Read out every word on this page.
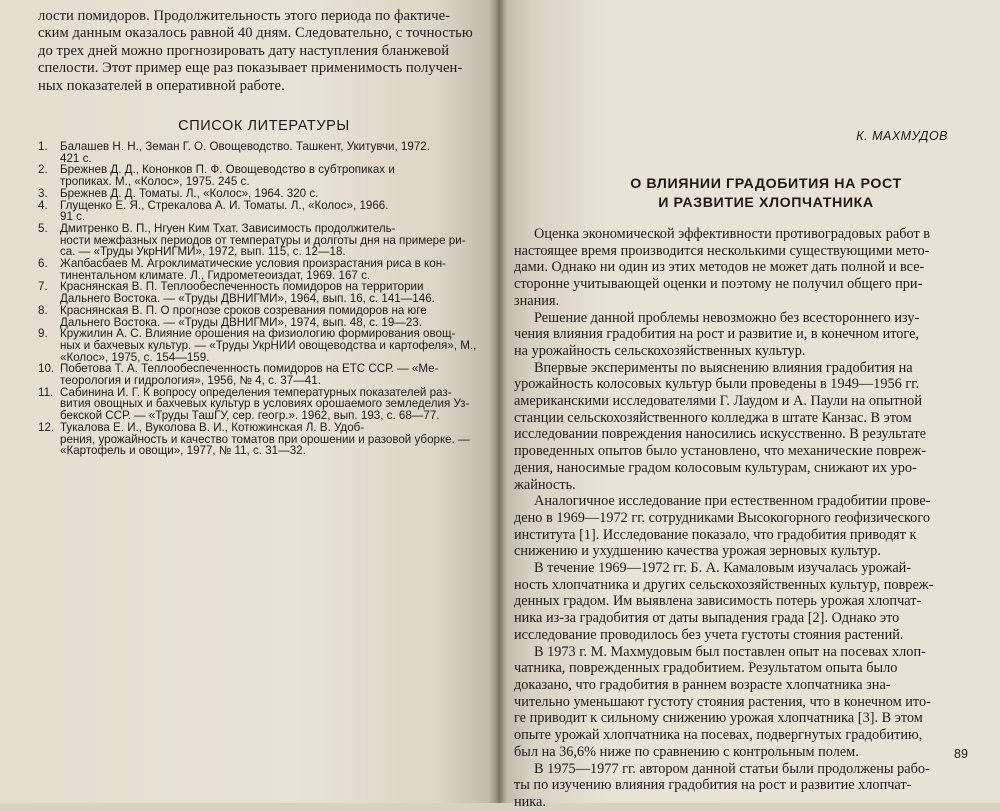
лости помидоров. Продолжительность этого периода по фактиче-
ским данным оказалось равной 40 дням. Следовательно, с точностью
до трех дней можно прогнозировать дату наступления бланжевой
спелости. Этот пример еще раз показывает применимость получен-
ных показателей в оперативной работе.
СПИСОК ЛИТЕРАТУРЫ
1.	Балашев Н. Н., Земан Г. О. Овощеводство. Ташкент, Укитувчи, 1972.
421 с.
2.	Брежнев Д. Д., Кононков П. Ф. Овощеводство в субтропиках и
тропиках. М., «Колос», 1975. 245 с.
3.	Брежнев Д. Д. Томаты. Л., «Колос», 1964. 320 с.
4.	Глущенко Е. Я., Стрекалова А. И. Томаты. Л., «Колос», 1966.
91 с.
5.	Дмитренко В. П., Нгуен Ким Тхат. Зависимость продолжитель-
ности межфазных периодов от температуры и долготы дня на примере ри-
са. — «Труды УкрНИГМИ», 1972, вып. 115, с. 12—18.
6.	Жапбасбаев М. Агроклиматические условия произрастания риса в кон-
тинентальном климате. Л., Гидрометеоиздат, 1969. 167 с.
7.	Краснянская В. П. Теплообеспеченность помидоров на территории
Дальнего Востока. — «Труды ДВНИГМИ», 1964, вып. 16, с. 141—146.
8.	Краснянская В. П. О прогнозе сроков созревания помидоров на юге
Дальнего Востока. — «Труды ДВНИГМИ», 1974, вып. 48, с. 19—23.
9.	Кружилин А. С. Влияние орошения на физиологию формирования овощ-
ных и бахчевых культур. — «Труды УкрНИИ овощеводства и картофеля», М.,
«Колос», 1975, с. 154—159.
10. Побетова Т. А. Теплообеспеченность помидоров на ЕТС ССР. — «Ме-
теорология и гидрология», 1956, № 4, с. 37—41.
11. Сабинина И. Г. К вопросу определения температурных показателей раз-
вития овощных и бахчевых культур в условиях орошаемого земледелия Уз-
бекской ССР. — «Труды ТашГУ, сер. геогр.». 1962, вып. 193, с. 68—77.
12. Тукалова Е. И., Вуколова В. И., Котюжинская Л. В. Удоб-
рения, урожайность и качество томатов при орошении и разовой уборке. —
«Картофель и овощи», 1977, № 11, с. 31—32.
К. МАХМУДОВ
О ВЛИЯНИИ ГРАДОБИТИЯ НА РОСТ
И РАЗВИТИЕ ХЛОПЧАТНИКА
Оценка экономической эффективности противоградовых работ в
настоящее время производится несколькими существующими мето-
дами. Однако ни один из этих методов не может дать полной и все-
сторонне учитывающей оценки и поэтому не получил общего при-
знания.
Решение данной проблемы невозможно без всестороннего изу-
чения влияния градобития на рост и развитие и, в конечном итоге,
на урожайность сельскохозяйственных культур.
Впервые эксперименты по выяснению влияния градобития на
урожайность колосовых культур были проведены в 1949—1956 гг.
американскими исследователями Г. Лаудом и А. Паули на опытной
станции сельскохозяйственного колледжа в штате Канзас. В этом
исследовании повреждения наносились искусственно. В результате
проведенных опытов было установлено, что механические повреж-
дения, наносимые градом колосовым культурам, снижают их уро-
жайность.
Аналогичное исследование при естественном градобитии прове-
дено в 1969—1972 гг. сотрудниками Высокогорного геофизического
института [1]. Исследование показало, что градобития приводят к
снижению и ухудшению качества урожая зерновых культур.
В течение 1969—1972 гг. Б. А. Камаловым изучалась урожай-
ность хлопчатника и других сельскохозяйственных культур, повреж-
денных градом. Им выявлена зависимость потерь урожая хлопчат-
ника из-за градобития от даты выпадения града [2]. Однако это
исследование проводилось без учета густоты стояния растений.
В 1973 г. М. Махмудовым был поставлен опыт на посевах хлоп-
чатника, поврежденных градобитием. Результатом опыта было
доказано, что градобития в раннем возрасте хлопчатника зна-
чительно уменьшают густоту стояния растения, что в конечном ито-
ге приводит к сильному снижению урожая хлопчатника [3]. В этом
опыте урожай хлопчатника на посевах, подвергнутых градобитию,
был на 36,6% ниже по сравнению с контрольным полем.
В 1975—1977 гг. автором данной статьи были продолжены рабо-
ты по изучению влияния градобития на рост и развитие хлопчат-
ника.
89
